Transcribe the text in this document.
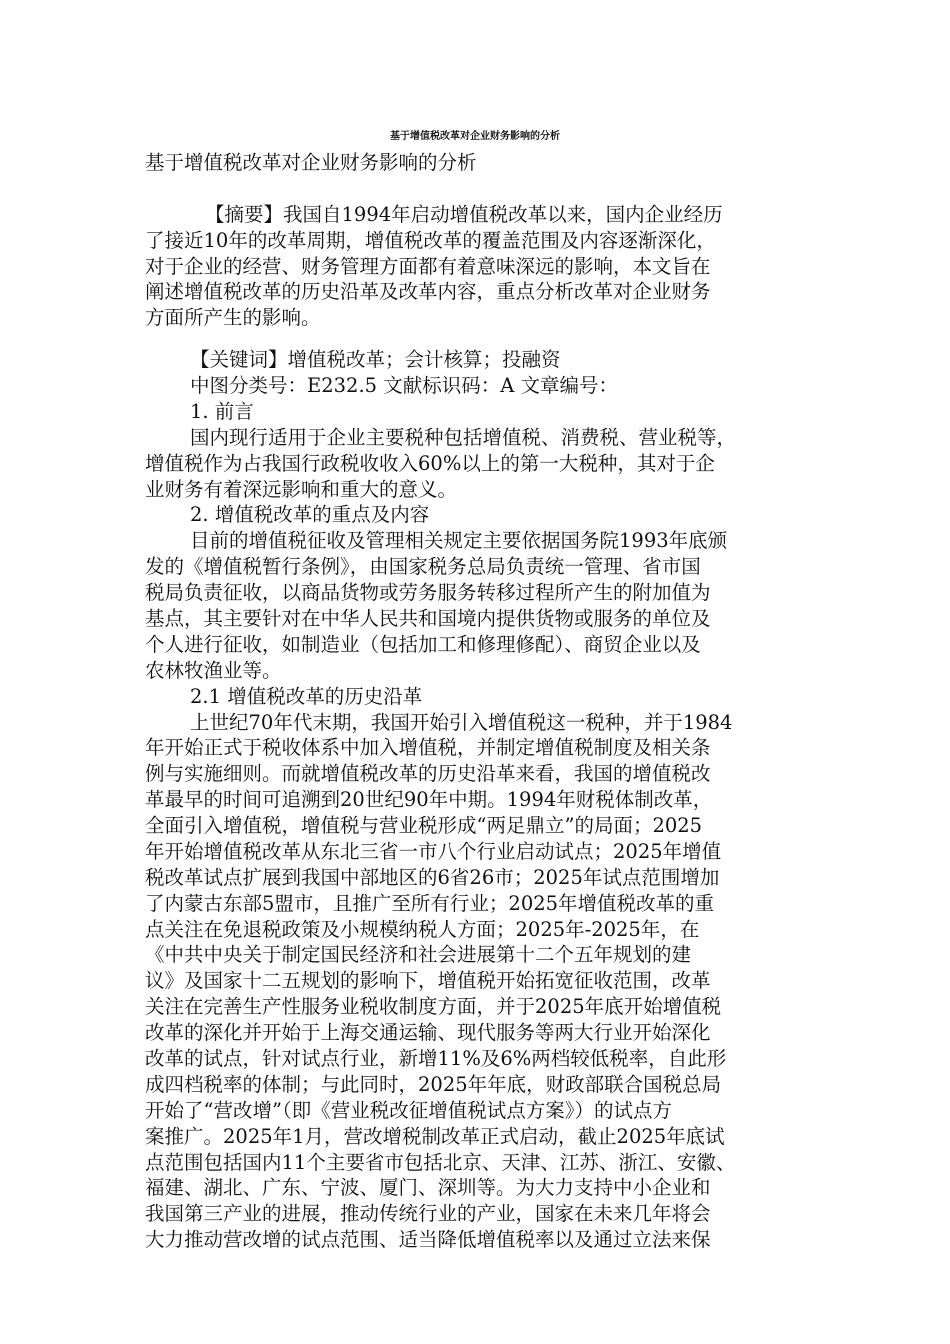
基于增值税改革对企业财务影响的分析
基于增值税改革对企业财务影响的分析
【摘要】我国自1994年启动增值税改革以来，国内企业经历
了接近10年的改革周期，增值税改革的覆盖范围及内容逐渐深化，
对于企业的经营、财务管理方面都有着意味深远的影响，本文旨在
阐述增值税改革的历史沿革及改革内容，重点分析改革对企业财务
方面所产生的影响。
【关键词】增值税改革；会计核算；投融资
中图分类号：E232.5 文献标识码：A 文章编号：
1. 前言
国内现行适用于企业主要税种包括增值税、消费税、营业税等，
增值税作为占我国行政税收收入60%以上的第一大税种，其对于企
业财务有着深远影响和重大的意义。
2. 增值税改革的重点及内容
目前的增值税征收及管理相关规定主要依据国务院1993年底颁
发的《增值税暂行条例》，由国家税务总局负责统一管理、省市国
税局负责征收，以商品货物或劳务服务转移过程所产生的附加值为
基点，其主要针对在中华人民共和国境内提供货物或服务的单位及
个人进行征收，如制造业（包括加工和修理修配）、商贸企业以及
农林牧渔业等。
2.1 增值税改革的历史沿革
上世纪70年代末期，我国开始引入增值税这一税种，并于1984
年开始正式于税收体系中加入增值税，并制定增值税制度及相关条
例与实施细则。而就增值税改革的历史沿革来看，我国的增值税改
革最早的时间可追溯到20世纪90年中期。1994年财税体制改革，
全面引入增值税，增值税与营业税形成“两足鼎立”的局面；2025
年开始增值税改革从东北三省一市八个行业启动试点；2025年增值
税改革试点扩展到我国中部地区的6省26市；2025年试点范围增加
了内蒙古东部5盟市，且推广至所有行业；2025年增值税改革的重
点关注在免退税政策及小规模纳税人方面；2025年-2025年，在
《中共中央关于制定国民经济和社会进展第十二个五年规划的建
议》及国家十二五规划的影响下，增值税开始拓宽征收范围，改革
关注在完善生产性服务业税收制度方面，并于2025年底开始增值税
改革的深化并开始于上海交通运输、现代服务等两大行业开始深化
改革的试点，针对试点行业，新增11%及6%两档较低税率，自此形
成四档税率的体制；与此同时，2025年年底，财政部联合国税总局
开始了“营改增”（即《营业税改征增值税试点方案》）的试点方
案推广。2025年1月，营改增税制改革正式启动，截止2025年底试
点范围包括国内11个主要省市包括北京、天津、江苏、浙江、安徽、
福建、湖北、广东、宁波、厦门、深圳等。为大力支持中小企业和
我国第三产业的进展，推动传统行业的产业，国家在未来几年将会
大力推动营改增的试点范围、适当降低增值税率以及通过立法来保
